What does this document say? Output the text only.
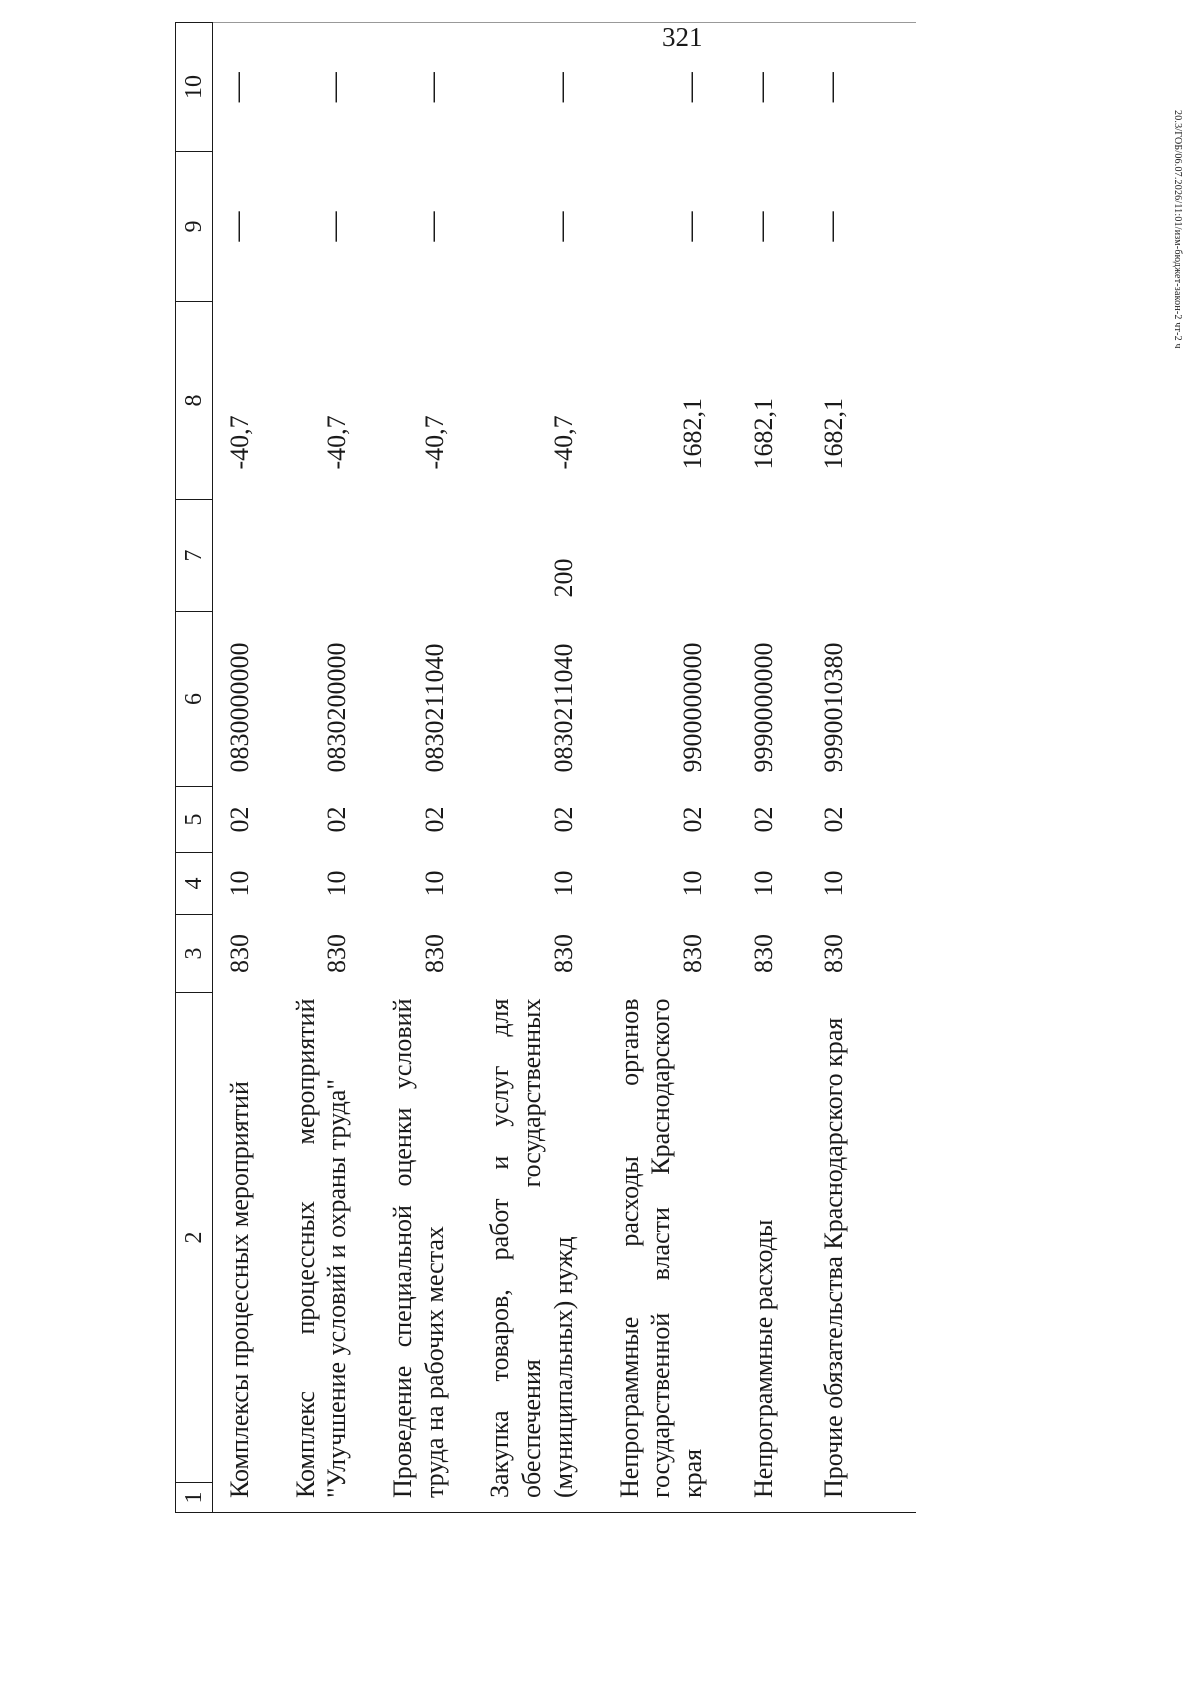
321
20.3/ГОБ/06.07.2026/11:01/изм-бюджет-закон-2 чт-2 ч
1	2	3	4	5	6	7	8	9	10
Комплексы процессных мероприятий		830	10	02	0830000000		-40,7	—	—

Комплекс процессных мероприятий "Улучшение условий и охраны труда"		830	10	02	0830200000		-40,7	—	—

Проведение специальной оценки условий труда на рабочих местах		830	10	02	0830211040		-40,7	—	—

Закупка товаров, работ и услуг для обеспечения государственных (муниципальных) нужд		830	10	02	0830211040	200	-40,7	—	—

Непрограммные расходы органов государственной власти Краснодарского края		830	10	02	9900000000		1682,1	—	—

Непрограммные расходы		830	10	02	9990000000		1682,1	—	—

Прочие обязательства Краснодарского края		830	10	02	9990010380		1682,1	—	—
